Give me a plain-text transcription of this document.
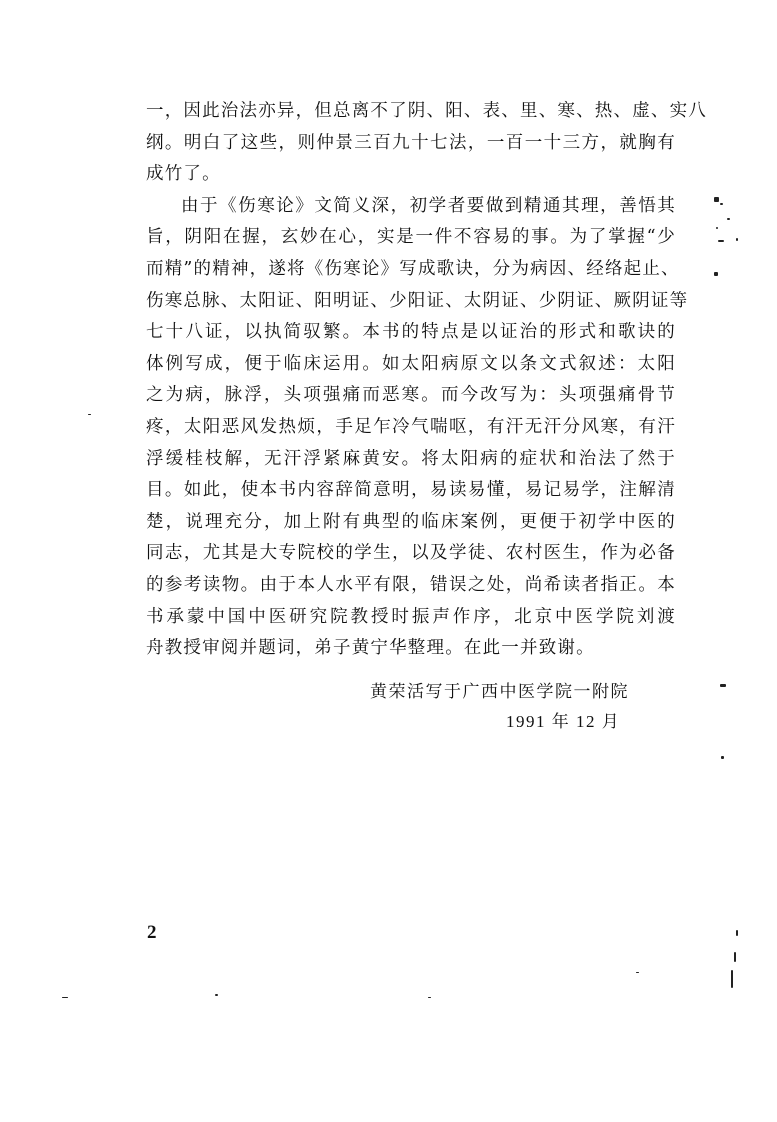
一，因此治法亦异，但总离不了阴、阳、表、里、寒、热、虚、实八
纲。明白了这些，则仲景三百九十七法，一百一十三方，就胸有
成竹了。
由于《伤寒论》文简义深，初学者要做到精通其理，善悟其
旨，阴阳在握，玄妙在心，实是一件不容易的事。为了掌握“少
而精”的精神，遂将《伤寒论》写成歌诀，分为病因、经络起止、
伤寒总脉、太阳证、阳明证、少阳证、太阴证、少阴证、厥阴证等
七十八证，以执简驭繁。本书的特点是以证治的形式和歌诀的
体例写成，便于临床运用。如太阳病原文以条文式叙述：太阳
之为病，脉浮，头项强痛而恶寒。而今改写为：头项强痛骨节
疼，太阳恶风发热烦，手足乍冷气喘呕，有汗无汗分风寒，有汗
浮缓桂枝解，无汗浮紧麻黄安。将太阳病的症状和治法了然于
目。如此，使本书内容辞简意明，易读易懂，易记易学，注解清
楚，说理充分，加上附有典型的临床案例，更便于初学中医的
同志，尤其是大专院校的学生，以及学徒、农村医生，作为必备
的参考读物。由于本人水平有限，错误之处，尚希读者指正。本
书承蒙中国中医研究院教授时振声作序，北京中医学院刘渡
舟教授审阅并题词，弟子黄宁华整理。在此一并致谢。
黄荣活写于广西中医学院一附院
1991 年 12 月
2
